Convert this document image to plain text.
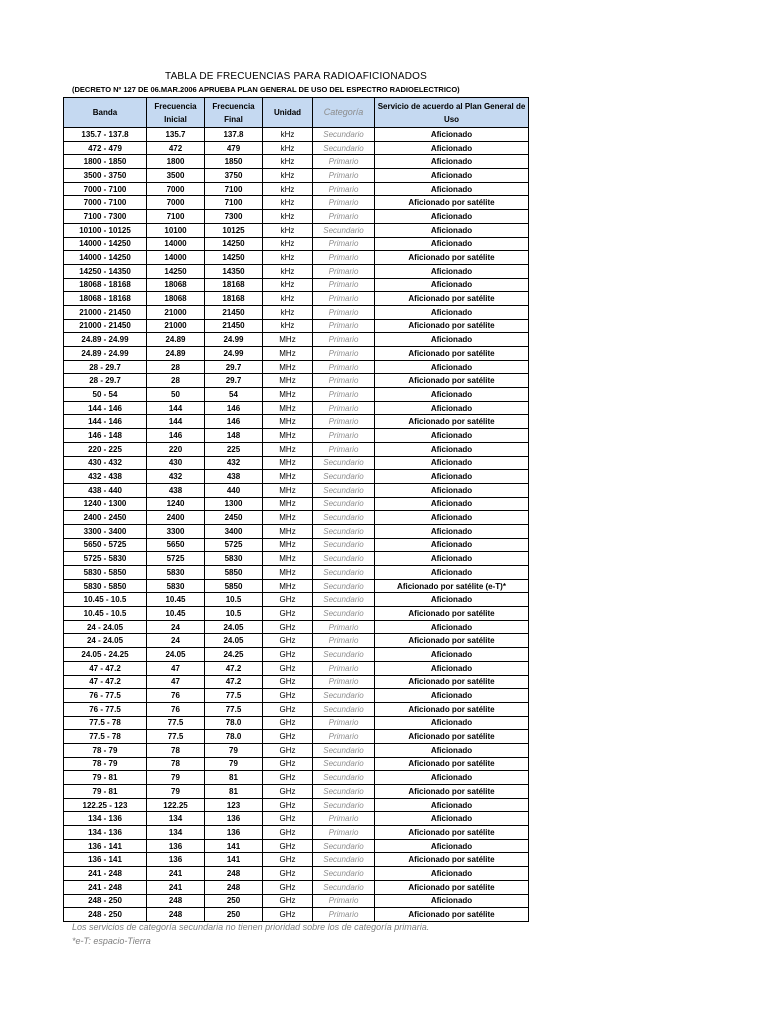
TABLA DE FRECUENCIAS PARA RADIOAFICIONADOS
(DECRETO Nº 127 DE 06.MAR.2006 APRUEBA PLAN GENERAL DE USO DEL ESPECTRO RADIOELECTRICO)
Banda	Frecuencia Inicial	Frecuencia Final	Unidad	Categoría	Servicio de acuerdo al Plan General de Uso
135.7 - 137.8	135.7	137.8	kHz	Secundario	Aficionado
472 - 479	472	479	kHz	Secundario	Aficionado
1800 - 1850	1800	1850	kHz	Primario	Aficionado
3500 - 3750	3500	3750	kHz	Primario	Aficionado
7000 - 7100	7000	7100	kHz	Primario	Aficionado
7000 - 7100	7000	7100	kHz	Primario	Aficionado por satélite
7100 - 7300	7100	7300	kHz	Primario	Aficionado
10100 - 10125	10100	10125	kHz	Secundario	Aficionado
14000 - 14250	14000	14250	kHz	Primario	Aficionado
14000 - 14250	14000	14250	kHz	Primario	Aficionado por satélite
14250 - 14350	14250	14350	kHz	Primario	Aficionado
18068 - 18168	18068	18168	kHz	Primario	Aficionado
18068 - 18168	18068	18168	kHz	Primario	Aficionado por satélite
21000 - 21450	21000	21450	kHz	Primario	Aficionado
21000 - 21450	21000	21450	kHz	Primario	Aficionado por satélite
24.89 - 24.99	24.89	24.99	MHz	Primario	Aficionado
24.89 - 24.99	24.89	24.99	MHz	Primario	Aficionado por satélite
28 - 29.7	28	29.7	MHz	Primario	Aficionado
28 - 29.7	28	29.7	MHz	Primario	Aficionado por satélite
50 - 54	50	54	MHz	Primario	Aficionado
144 - 146	144	146	MHz	Primario	Aficionado
144 - 146	144	146	MHz	Primario	Aficionado por satélite
146 - 148	146	148	MHz	Primario	Aficionado
220 - 225	220	225	MHz	Primario	Aficionado
430 - 432	430	432	MHz	Secundario	Aficionado
432 - 438	432	438	MHz	Secundario	Aficionado
438 - 440	438	440	MHz	Secundario	Aficionado
1240 - 1300	1240	1300	MHz	Secundario	Aficionado
2400 - 2450	2400	2450	MHz	Secundario	Aficionado
3300 - 3400	3300	3400	MHz	Secundario	Aficionado
5650 - 5725	5650	5725	MHz	Secundario	Aficionado
5725 - 5830	5725	5830	MHz	Secundario	Aficionado
5830 - 5850	5830	5850	MHz	Secundario	Aficionado
5830 - 5850	5830	5850	MHz	Secundario	Aficionado por satélite (e-T)*
10.45 - 10.5	10.45	10.5	GHz	Secundario	Aficionado
10.45 - 10.5	10.45	10.5	GHz	Secundario	Aficionado por satélite
24 - 24.05	24	24.05	GHz	Primario	Aficionado
24 - 24.05	24	24.05	GHz	Primario	Aficionado por satélite
24.05 - 24.25	24.05	24.25	GHz	Secundario	Aficionado
47 - 47.2	47	47.2	GHz	Primario	Aficionado
47 - 47.2	47	47.2	GHz	Primario	Aficionado por satélite
76 - 77.5	76	77.5	GHz	Secundario	Aficionado
76 - 77.5	76	77.5	GHz	Secundario	Aficionado por satélite
77.5 - 78	77.5	78.0	GHz	Primario	Aficionado
77.5 - 78	77.5	78.0	GHz	Primario	Aficionado por satélite
78 - 79	78	79	GHz	Secundario	Aficionado
78 - 79	78	79	GHz	Secundario	Aficionado por satélite
79 - 81	79	81	GHz	Secundario	Aficionado
79 - 81	79	81	GHz	Secundario	Aficionado por satélite
122.25 - 123	122.25	123	GHz	Secundario	Aficionado
134 - 136	134	136	GHz	Primario	Aficionado
134 - 136	134	136	GHz	Primario	Aficionado por satélite
136 - 141	136	141	GHz	Secundario	Aficionado
136 - 141	136	141	GHz	Secundario	Aficionado por satélite
241 - 248	241	248	GHz	Secundario	Aficionado
241 - 248	241	248	GHz	Secundario	Aficionado por satélite
248 - 250	248	250	GHz	Primario	Aficionado
248 - 250	248	250	GHz	Primario	Aficionado por satélite
Los servicios de categoría secundaria no tienen prioridad sobre los de categoría primaria.
*e-T: espacio-Tierra
